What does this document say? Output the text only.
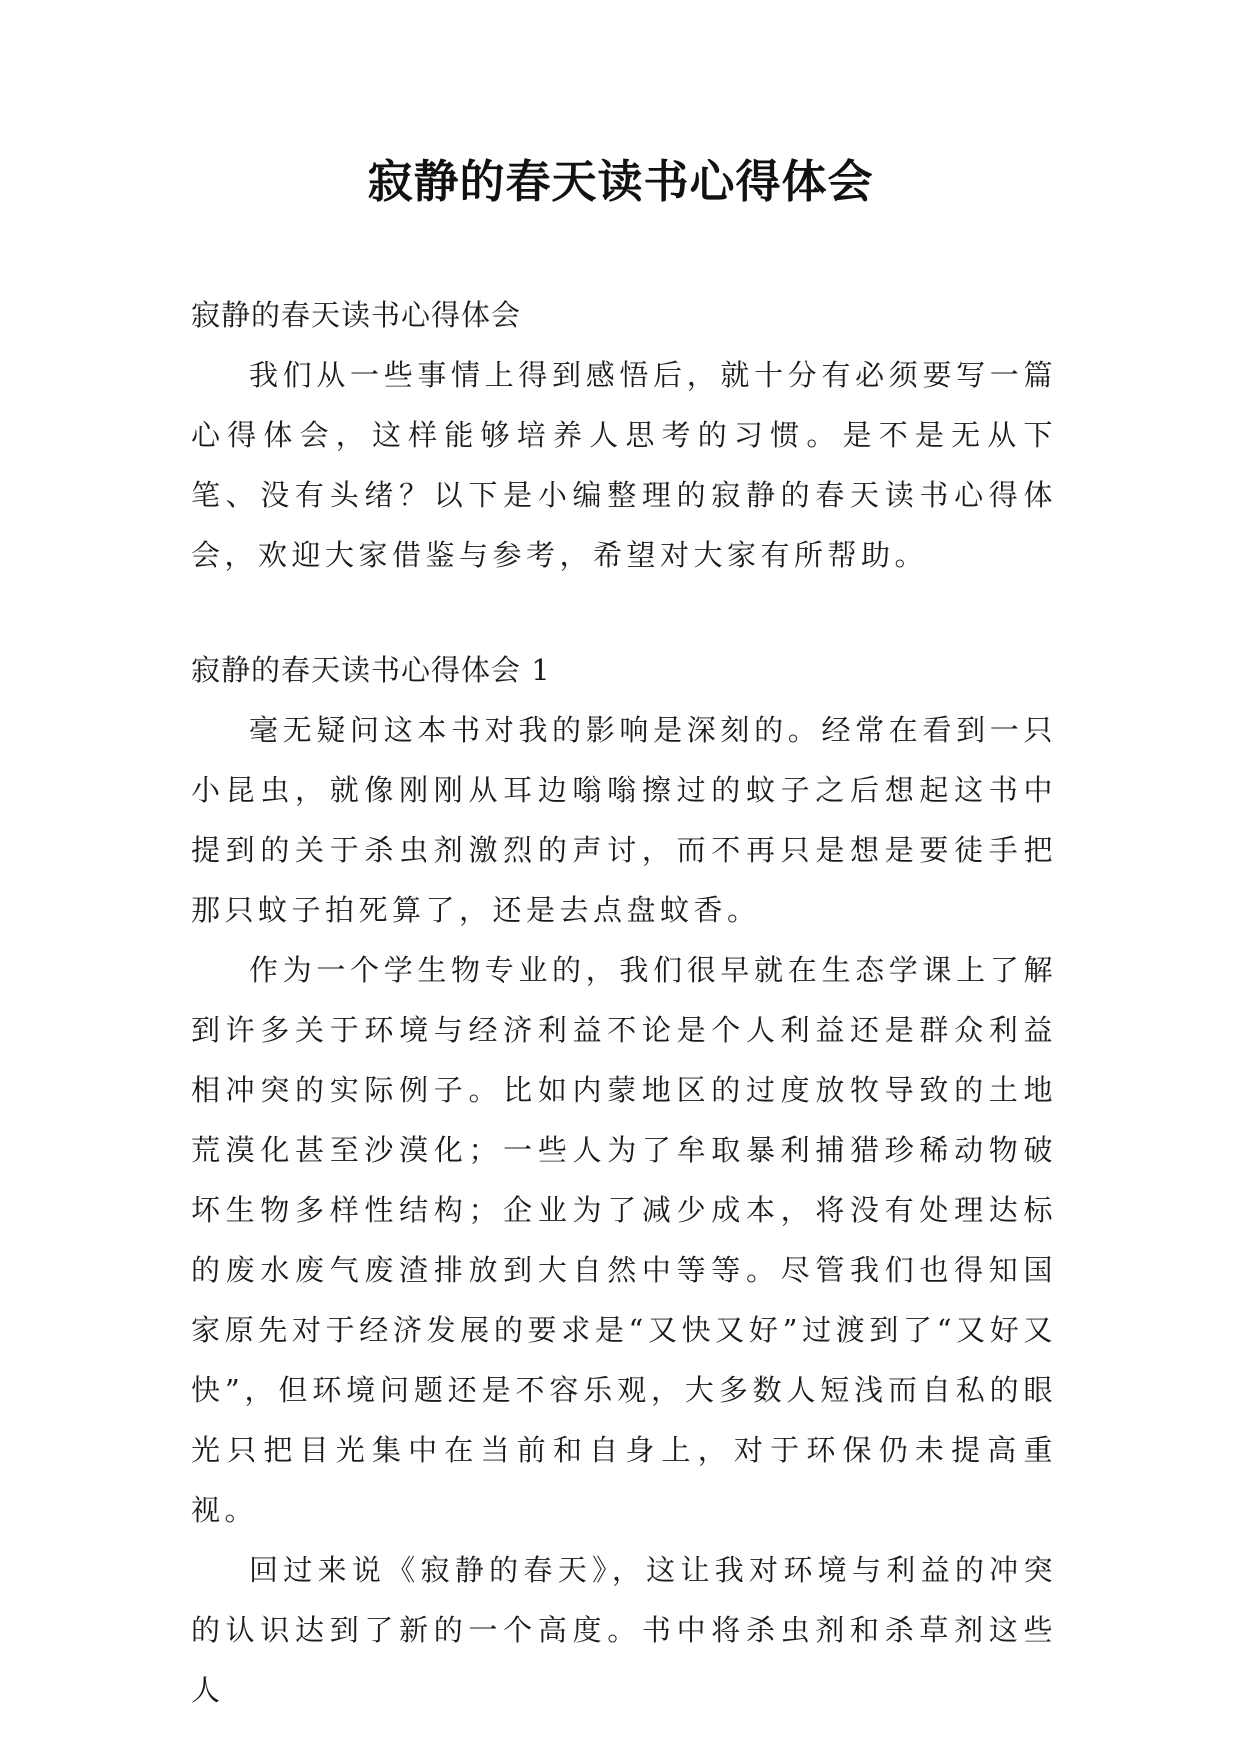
寂静的春天读书心得体会

寂静的春天读书心得体会

我们从一些事情上得到感悟后，就十分有必须要写一篇心得体会，这样能够培养人思考的习惯。是不是无从下笔、没有头绪？以下是小编整理的寂静的春天读书心得体会，欢迎大家借鉴与参考，希望对大家有所帮助。

寂静的春天读书心得体会 1

毫无疑问这本书对我的影响是深刻的。经常在看到一只小昆虫，就像刚刚从耳边嗡嗡擦过的蚊子之后想起这书中提到的关于杀虫剂激烈的声讨，而不再只是想是要徒手把那只蚊子拍死算了，还是去点盘蚊香。

作为一个学生物专业的，我们很早就在生态学课上了解到许多关于环境与经济利益不论是个人利益还是群众利益相冲突的实际例子。比如内蒙地区的过度放牧导致的土地荒漠化甚至沙漠化；一些人为了牟取暴利捕猎珍稀动物破坏生物多样性结构；企业为了减少成本，将没有处理达标的废水废气废渣排放到大自然中等等。尽管我们也得知国家原先对于经济发展的要求是“又快又好”过渡到了“又好又快”，但环境问题还是不容乐观，大多数人短浅而自私的眼光只把目光集中在当前和自身上，对于环保仍未提高重视。

回过来说《寂静的春天》，这让我对环境与利益的冲突的认识达到了新的一个高度。书中将杀虫剂和杀草剂这些人
